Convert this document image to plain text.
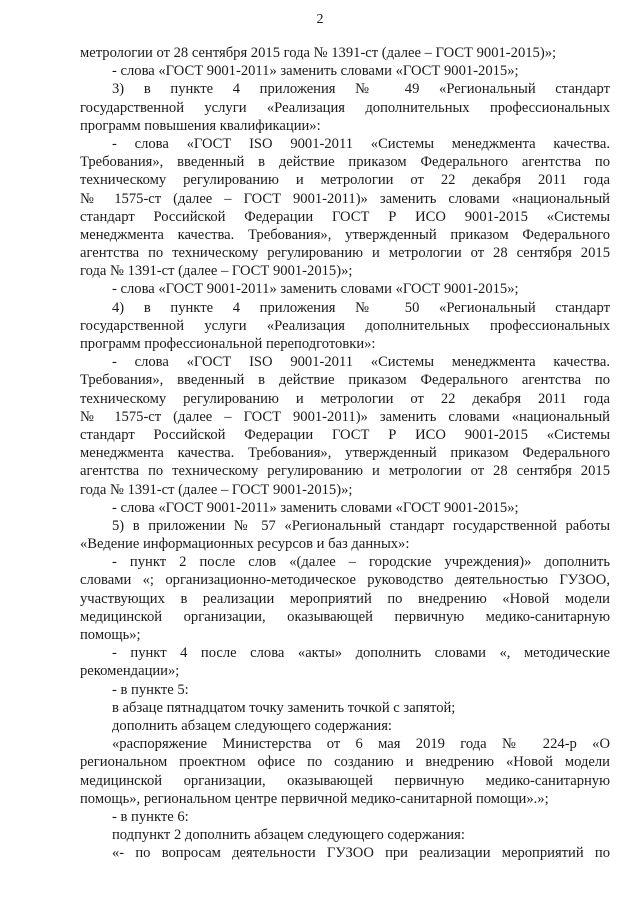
2
метрологии от 28 сентября 2015 года № 1391-ст (далее – ГОСТ 9001-2015)»;
- слова «ГОСТ 9001-2011» заменить словами «ГОСТ 9001-2015»;
3) в пункте 4 приложения № 49 «Региональный стандарт
государственной услуги «Реализация дополнительных профессиональных
программ повышения квалификации»:
- слова «ГОСТ ISO 9001-2011 «Системы менеджмента качества.
Требования», введенный в действие приказом Федерального агентства по
техническому регулированию и метрологии от 22 декабря 2011 года
№ 1575-ст (далее – ГОСТ 9001-2011)» заменить словами «национальный
стандарт Российской Федерации ГОСТ Р ИСО 9001-2015 «Системы
менеджмента качества. Требования», утвержденный приказом Федерального
агентства по техническому регулированию и метрологии от 28 сентября 2015
года № 1391-ст (далее – ГОСТ 9001-2015)»;
- слова «ГОСТ 9001-2011» заменить словами «ГОСТ 9001-2015»;
4) в пункте 4 приложения № 50 «Региональный стандарт
государственной услуги «Реализация дополнительных профессиональных
программ профессиональной переподготовки»:
- слова «ГОСТ ISO 9001-2011 «Системы менеджмента качества.
Требования», введенный в действие приказом Федерального агентства по
техническому регулированию и метрологии от 22 декабря 2011 года
№ 1575-ст (далее – ГОСТ 9001-2011)» заменить словами «национальный
стандарт Российской Федерации ГОСТ Р ИСО 9001-2015 «Системы
менеджмента качества. Требования», утвержденный приказом Федерального
агентства по техническому регулированию и метрологии от 28 сентября 2015
года № 1391-ст (далее – ГОСТ 9001-2015)»;
- слова «ГОСТ 9001-2011» заменить словами «ГОСТ 9001-2015»;
5) в приложении № 57 «Региональный стандарт государственной работы
«Ведение информационных ресурсов и баз данных»:
- пункт 2 после слов «(далее – городские учреждения)» дополнить
словами «; организационно-методическое руководство деятельностью ГУЗОО,
участвующих в реализации мероприятий по внедрению «Новой модели
медицинской организации, оказывающей первичную медико-санитарную
помощь»;
- пункт 4 после слова «акты» дополнить словами «, методические
рекомендации»;
- в пункте 5:
в абзаце пятнадцатом точку заменить точкой с запятой;
дополнить абзацем следующего содержания:
«распоряжение Министерства от 6 мая 2019 года № 224-р «О
региональном проектном офисе по созданию и внедрению «Новой модели
медицинской организации, оказывающей первичную медико-санитарную
помощь», региональном центре первичной медико-санитарной помощи».»;
- в пункте 6:
подпункт 2 дополнить абзацем следующего содержания:
«- по вопросам деятельности ГУЗОО при реализации мероприятий по
